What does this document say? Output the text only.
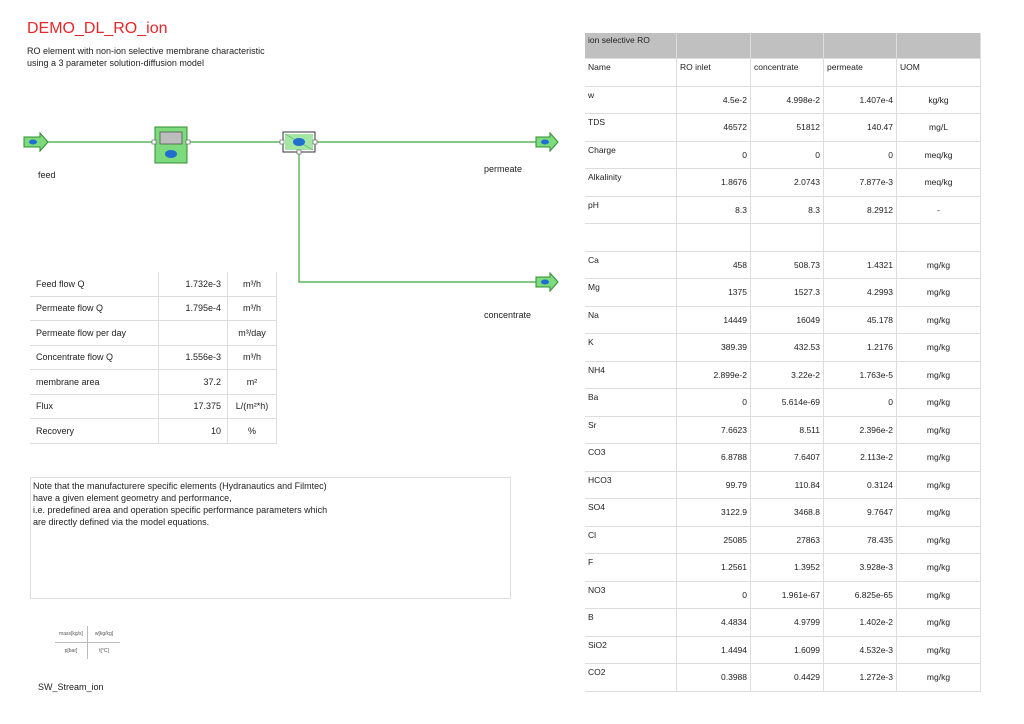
DEMO_DL_RO_ion
RO element with non-ion selective membrane characteristic
using a 3 parameter solution-diffusion model
feed
permeate
concentrate
Feed flow Q	1.732e-3	m³/h
Permeate flow Q	1.795e-4	m³/h
Permeate flow per day		m³/day
Concentrate flow Q	1.556e-3	m³/h
membrane area	37.2	m²
Flux	17.375	L/(m²*h)
Recovery	10	%
Note that the manufacturere specific elements (Hydranautics and Filmtec)
have a given element geometry and performance,
i.e. predefined area and operation specific performance parameters which
are directly defined via the model equations.
mass[kg/s]	w[kg/kg]
p[bar]	t[°C]
SW_Stream_ion
ion selective RO				
Name	RO inlet	concentrate	permeate	UOM
w	4.5e-2	4.998e-2	1.407e-4	kg/kg
TDS	46572	51812	140.47	mg/L
Charge	0	0	0	meq/kg
Alkalinity	1.8676	2.0743	7.877e-3	meq/kg
pH	8.3	8.3	8.2912	-

Ca	458	508.73	1.4321	mg/kg
Mg	1375	1527.3	4.2993	mg/kg
Na	14449	16049	45.178	mg/kg
K	389.39	432.53	1.2176	mg/kg
NH4	2.899e-2	3.22e-2	1.763e-5	mg/kg
Ba	0	5.614e-69	0	mg/kg
Sr	7.6623	8.511	2.396e-2	mg/kg
CO3	6.8788	7.6407	2.113e-2	mg/kg
HCO3	99.79	110.84	0.3124	mg/kg
SO4	3122.9	3468.8	9.7647	mg/kg
Cl	25085	27863	78.435	mg/kg
F	1.2561	1.3952	3.928e-3	mg/kg
NO3	0	1.961e-67	6.825e-65	mg/kg
B	4.4834	4.9799	1.402e-2	mg/kg
SiO2	1.4494	1.6099	4.532e-3	mg/kg
CO2	0.3988	0.4429	1.272e-3	mg/kg
